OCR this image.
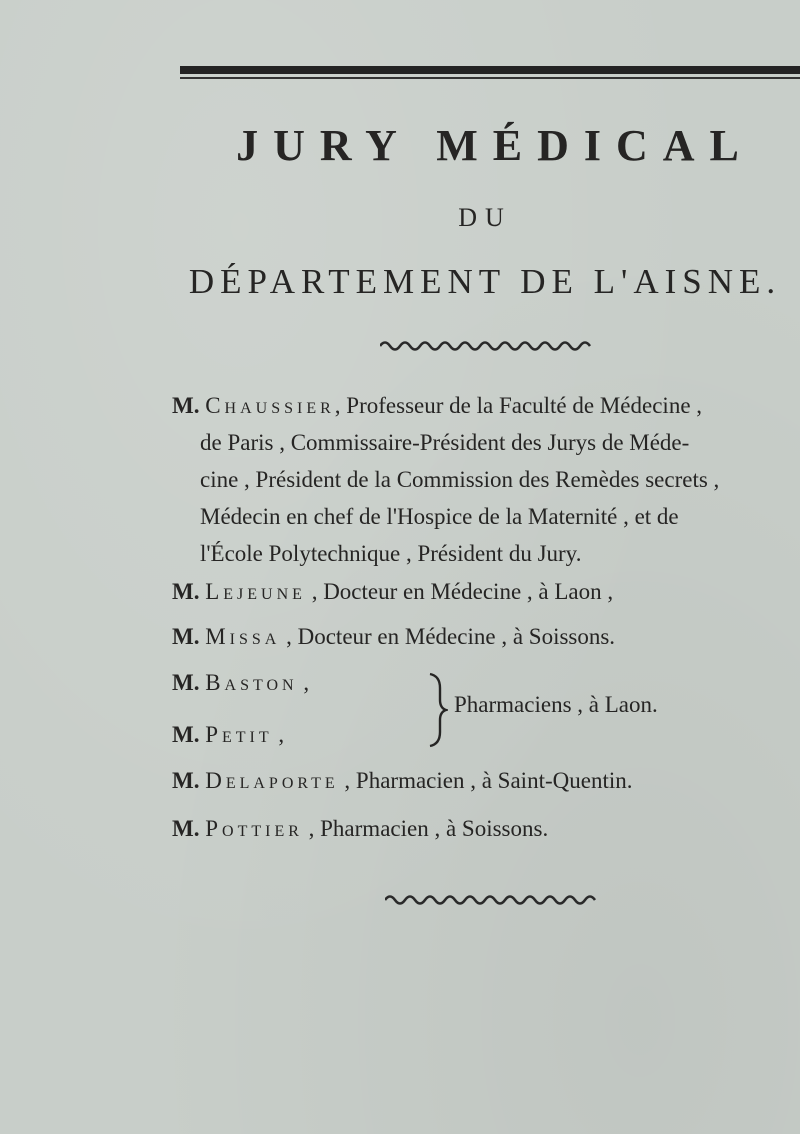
JURY MÉDICAL
DU
DÉPARTEMENT DE L'AISNE.
M. Chaussier, Professeur de la Faculté de Médecine ,
de Paris , Commissaire-Président des Jurys de Méde-
cine , Président de la Commission des Remèdes secrets ,
Médecin en chef de l'Hospice de la Maternité , et de
l'École Polytechnique , Président du Jury.
M. Lejeune , Docteur en Médecine , à Laon ,
M. Missa , Docteur en Médecine , à Soissons.
M. Baston ,
M. Petit ,
Pharmaciens , à Laon.
M. Delaporte , Pharmacien , à Saint-Quentin.
M. Pottier , Pharmacien , à Soissons.
